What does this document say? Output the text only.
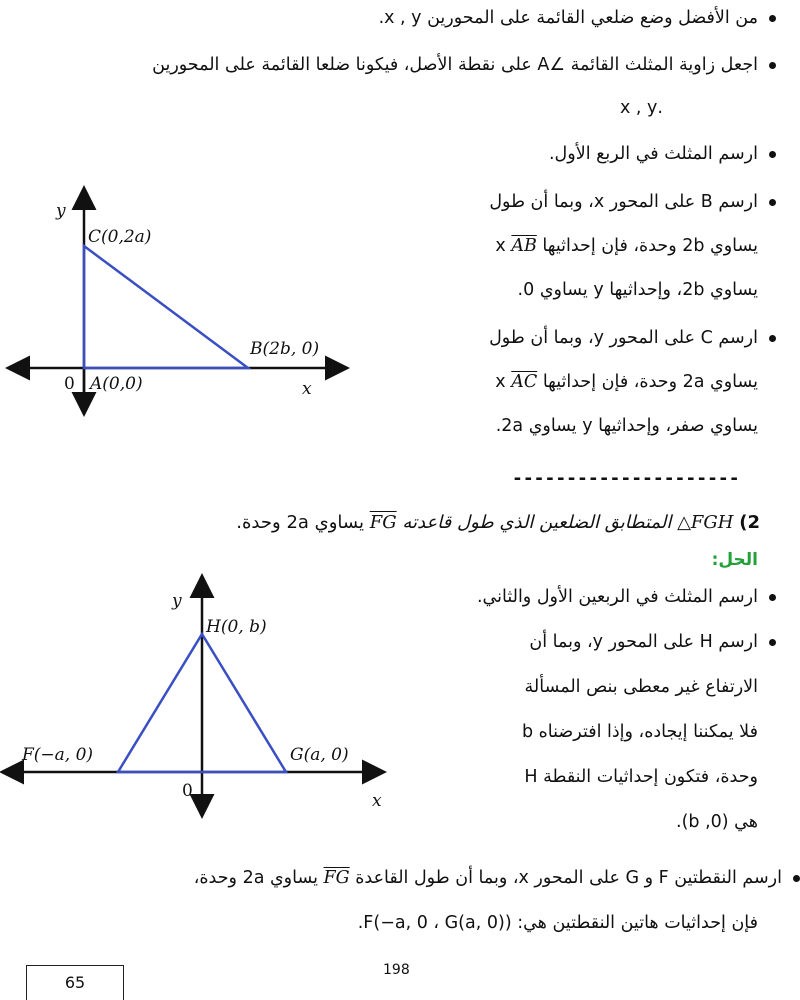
من الأفضل وضع ضلعي القائمة على المحورين x , y.
اجعل زاوية المثلث القائمة ∠A على نقطة الأصل، فيكونا ضلعا القائمة على المحورين
.x , y
ارسم المثلث في الربع الأول.
ارسم B على المحور x، وبما أن طول
يساوي 2b وحدة، فإن إحداثيها x AB
يساوي 2b، وإحداثيها y يساوي 0.
ارسم C على المحور y، وبما أن طول
يساوي 2a وحدة، فإن إحداثيها x AC
يساوي صفر، وإحداثيها y يساوي 2a.
y
x
0 A(0,0)
B(2b, 0)
C(0,2a)
---------------------
2) FGH△ المتطابق الضلعين الذي طول قاعدته FG يساوي 2a وحدة.
الحل:
ارسم المثلث في الربعين الأول والثاني.
ارسم H على المحور y، وبما أن
الارتفاع غير معطى بنص المسألة
فلا يمكننا إيجاده، وإذا افترضناه b
وحدة، فتكون إحداثيات النقطة H
هي (0, b).
ارسم النقطتين F و G على المحور x، وبما أن طول القاعدة FG يساوي 2a وحدة،
فإن إحداثيات هاتين النقطتين هي: (F(−a, 0 ، G(a, 0).
y
x
0
H(0, b)
F(−a, 0)	G(a, 0)
65
198
